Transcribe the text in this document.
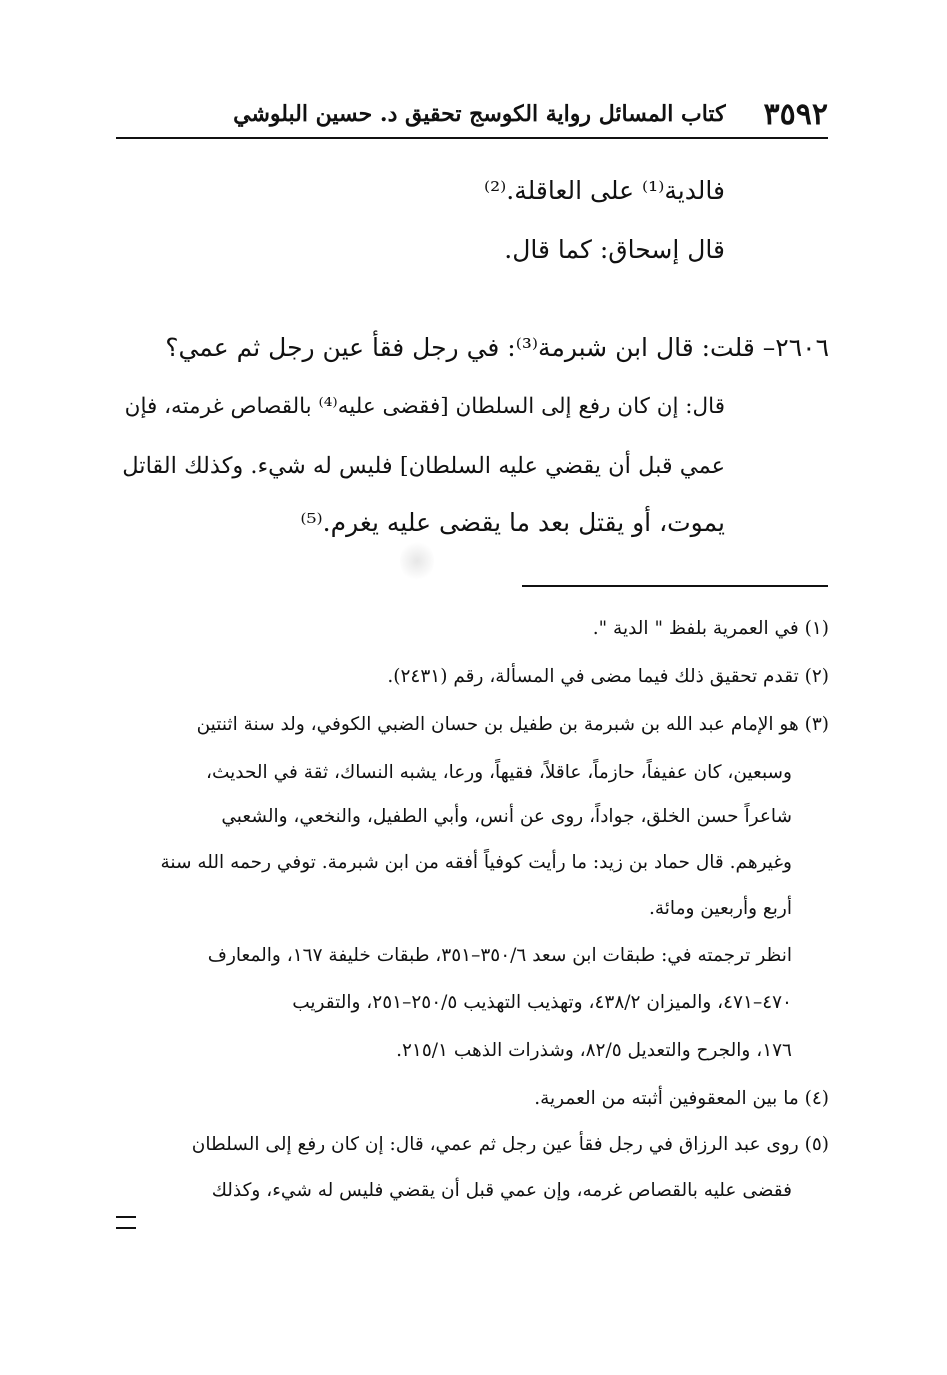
٣٥٩٢
كتاب المسائل رواية الكوسج تحقيق د. حسين البلوشي
فالدية⁽¹⁾ على العاقلة.⁽²⁾
قال إسحاق: كما قال.
٢٦٠٦– قلت: قال ابن شبرمة⁽³⁾: في رجل فقأ عين رجل ثم عمي؟
قال: إن كان رفع إلى السلطان [فقضى عليه⁽⁴⁾ بالقصاص غرمته، فإن
عمي قبل أن يقضي عليه السلطان] فليس له شيء. وكذلك القاتل
يموت، أو يقتل بعد ما يقضى عليه يغرم.⁽⁵⁾
(١) في العمرية بلفظ " الدية ".
(٢) تقدم تحقيق ذلك فيما مضى في المسألة، رقم (٢٤٣١).
(٣) هو الإمام عبد الله بن شبرمة بن طفيل بن حسان الضبي الكوفي، ولد سنة اثنتين
وسبعين، كان عفيفاً، حازماً، عاقلاً، فقيهاً، ورعا، يشبه النساك، ثقة في الحديث،
شاعراً حسن الخلق، جواداً، روى عن أنس، وأبي الطفيل، والنخعي، والشعبي
وغيرهم. قال حماد بن زيد: ما رأيت كوفياً أفقه من ابن شبرمة. توفي رحمه الله سنة
أربع وأربعين ومائة.
انظر ترجمته في: طبقات ابن سعد ٣٥٠/٦–٣٥١، طبقات خليفة ١٦٧، والمعارف
٤٧٠–٤٧١، والميزان ٤٣٨/٢، وتهذيب التهذيب ٢٥٠/٥–٢٥١، والتقريب
١٧٦، والجرح والتعديل ٨٢/٥، وشذرات الذهب ٢١٥/١.
(٤) ما بين المعقوفين أثبته من العمرية.
(٥) روى عبد الرزاق في رجل فقأ عين رجل ثم عمي، قال: إن كان رفع إلى السلطان
فقضى عليه بالقصاص غرمه، وإن عمي قبل أن يقضي فليس له شيء، وكذلك
